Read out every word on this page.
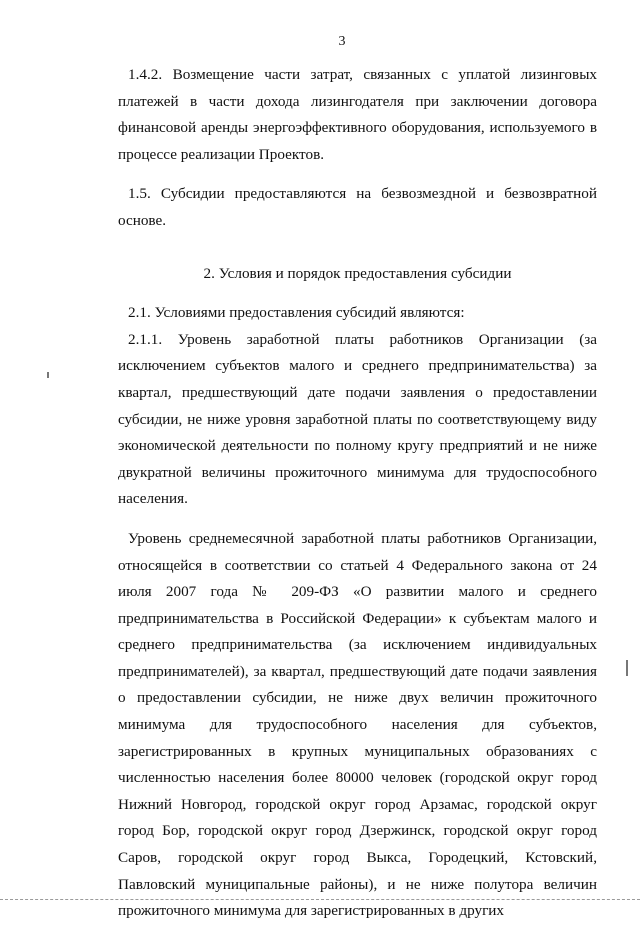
3

1.4.2. Возмещение части затрат, связанных с уплатой лизинговых платежей в части дохода лизингодателя при заключении договора финансовой аренды энергоэффективного оборудования, используемого в процессе реализации Проектов.

1.5. Субсидии предоставляются на безвозмездной и безвозвратной основе.

2. Условия и порядок предоставления субсидии

2.1. Условиями предоставления субсидий являются:

2.1.1. Уровень заработной платы работников Организации (за исключением субъектов малого и среднего предпринимательства) за квартал, предшествующий дате подачи заявления о предоставлении субсидии, не ниже уровня заработной платы по соответствующему виду экономической деятельности по полному кругу предприятий и не ниже двукратной величины прожиточного минимума для трудоспособного населения.

Уровень среднемесячной заработной платы работников Организации, относящейся в соответствии со статьей 4 Федерального закона от 24 июля 2007 года № 209-ФЗ «О развитии малого и среднего предпринимательства в Российской Федерации» к субъектам малого и среднего предпринимательства (за исключением индивидуальных предпринимателей), за квартал, предшествующий дате подачи заявления о предоставлении субсидии, не ниже двух величин прожиточного минимума для трудоспособного населения для субъектов, зарегистрированных в крупных муниципальных образованиях с численностью населения более 80000 человек (городской округ город Нижний Новгород, городской округ город Арзамас, городской округ город Бор, городской округ город Дзержинск, городской округ город Саров, городской округ город Выкса, Городецкий, Кстовский, Павловский муниципальные районы), и не ниже полутора величин прожиточного минимума для зарегистрированных в других
